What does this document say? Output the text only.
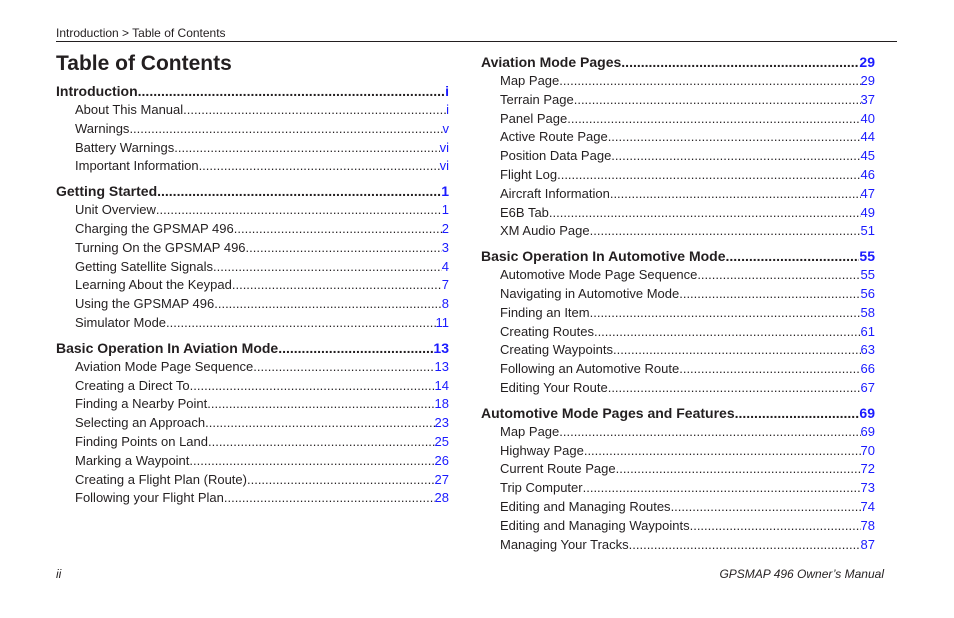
Introduction > Table of Contents
Table of Contents
Introduction .....	i
About This Manual .....	i
Warnings .....	v
Battery Warnings .....	vi
Important Information .....	vi
Getting Started .....	1
Unit Overview .....	1
Charging the GPSMAP 496 .....	2
Turning On the GPSMAP 496 .....	3
Getting Satellite Signals .....	4
Learning About the Keypad .....	7
Using the GPSMAP 496 .....	8
Simulator Mode .....	11
Basic Operation In Aviation Mode .....	13
Aviation Mode Page Sequence .....	13
Creating a Direct To .....	14
Finding a Nearby Point .....	18
Selecting an Approach .....	23
Finding Points on Land .....	25
Marking a Waypoint .....	26
Creating a Flight Plan (Route) .....	27
Following your Flight Plan .....	28
Aviation Mode Pages .....	29
Map Page .....	29
Terrain Page .....	37
Panel Page .....	40
Active Route Page .....	44
Position Data Page .....	45
Flight Log .....	46
Aircraft Information .....	47
E6B Tab .....	49
XM Audio Page .....	51
Basic Operation In Automotive Mode .....	55
Automotive Mode Page Sequence .....	55
Navigating in Automotive Mode .....	56
Finding an Item .....	58
Creating Routes .....	61
Creating Waypoints .....	63
Following an Automotive Route .....	66
Editing Your Route .....	67
Automotive Mode Pages and Features .....	69
Map Page .....	69
Highway Page .....	70
Current Route Page .....	72
Trip Computer .....	73
Editing and Managing Routes .....	74
Editing and Managing Waypoints .....	78
Managing Your Tracks .....	87
ii	GPSMAP 496 Owner’s Manual
